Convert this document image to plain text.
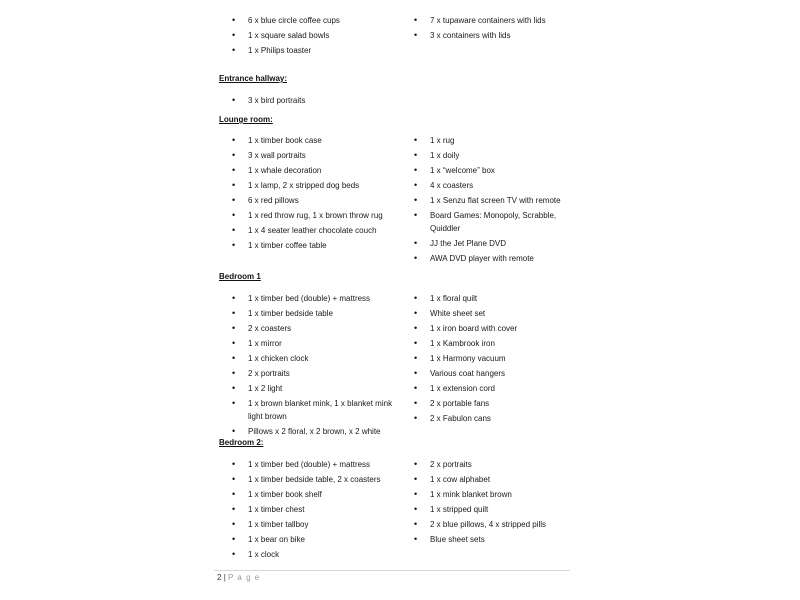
• 6 x blue circle coffee cups
• 1 x square salad bowls
• 1 x Philips toaster
• 7 x tupaware containers with lids
• 3 x containers with lids
Entrance hallway:
• 3 x bird portraits
Lounge room:
• 1 x timber book case
• 3 x wall portraits
• 1 x whale decoration
• 1 x lamp, 2 x stripped dog beds
• 6 x red pillows
• 1 x red throw rug, 1 x brown throw rug
• 1 x 4 seater leather chocolate couch
• 1 x timber coffee table
• 1 x rug
• 1 x doily
• 1 x “welcome” box
• 4 x coasters
• 1 x Senzu flat screen TV with remote
• Board Games: Monopoly, Scrabble, Quiddler
• JJ the Jet Plane DVD
• AWA DVD player with remote
Bedroom 1
• 1 x timber bed (double) + mattress
• 1 x timber bedside table
• 2 x coasters
• 1 x mirror
• 1 x chicken clock
• 2 x portraits
• 1 x 2 light
• 1 x brown blanket mink, 1 x blanket mink light brown
• Pillows x 2 floral, x 2 brown, x 2 white
• 1 x floral quilt
• White sheet set
• 1 x iron board with cover
• 1 x Kambrook iron
• 1 x Harmony vacuum
• Various coat hangers
• 1 x extension cord
• 2 x portable fans
• 2 x Fabulon cans
Bedroom 2:
• 1 x timber bed (double) + mattress
• 1 x timber bedside table, 2 x coasters
• 1 x timber book shelf
• 1 x timber chest
• 1 x timber tallboy
• 1 x bear on bike
• 1 x clock
• 2 x portraits
• 1 x cow alphabet
• 1 x mink blanket brown
• 1 x stripped quilt
• 2 x blue pillows, 4 x stripped pills
• Blue sheet sets
2 | P a g e
